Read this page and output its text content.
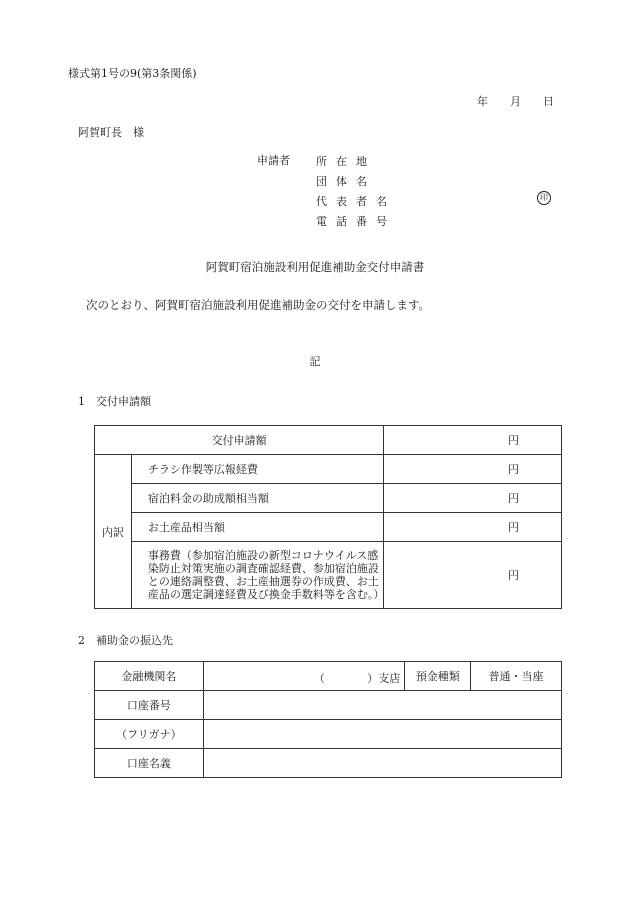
様式第1号の9(第3条関係)
年 月 日
阿賀町長　様
申請者 所在地
団体名
代表者名
電話番号
印
阿賀町宿泊施設利用促進補助金交付申請書
次のとおり、阿賀町宿泊施設利用促進補助金の交付を申請します。
記
1　交付申請額
交付申請額		円
内訳	チラシ作製等広報経費	円
	宿泊料金の助成額相当額	円
	お土産品相当額	円
	事務費（参加宿泊施設の新型コロナウイルス感染防止対策実施の調査確認経費、参加宿泊施設との連絡調整費、お土産抽選券の作成費、お土産品の選定調達経費及び換金手数料等を含む。）	円
2　補助金の振込先
金融機関名	（ ）支店	預金種類	普通・当座
口座番号			
（フリガナ）			
口座名義			
